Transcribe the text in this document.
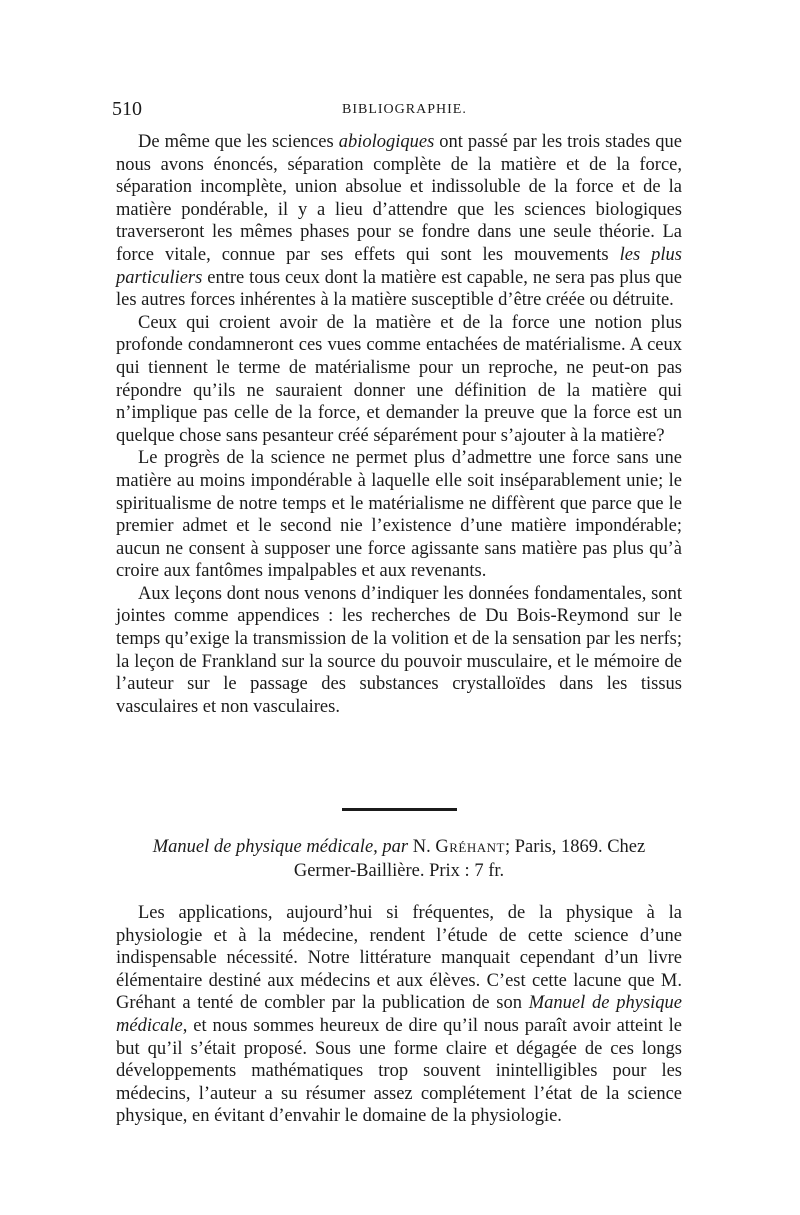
510	BIBLIOGRAPHIE.

De même que les sciences abiologiques ont passé par les trois stades que nous avons énoncés, séparation complète de la matière et de la force, séparation incomplète, union absolue et indissoluble de la force et de la matière pondérable, il y a lieu d’attendre que les sciences biologiques traverseront les mêmes phases pour se fondre dans une seule théorie. La force vitale, connue par ses effets qui sont les mouvements les plus particuliers entre tous ceux dont la matière est capable, ne sera pas plus que les autres forces inhérentes à la matière susceptible d’être créée ou détruite.

Ceux qui croient avoir de la matière et de la force une notion plus profonde condamneront ces vues comme entachées de matérialisme. A ceux qui tiennent le terme de matérialisme pour un reproche, ne peut-on pas répondre qu’ils ne sauraient donner une définition de la matière qui n’implique pas celle de la force, et demander la preuve que la force est un quelque chose sans pesanteur créé séparément pour s’ajouter à la matière?

Le progrès de la science ne permet plus d’admettre une force sans une matière au moins impondérable à laquelle elle soit inséparablement unie; le spiritualisme de notre temps et le matérialisme ne diffèrent que parce que le premier admet et le second nie l’existence d’une matière impondérable; aucun ne consent à supposer une force agissante sans matière pas plus qu’à croire aux fantômes impalpables et aux revenants.

Aux leçons dont nous venons d’indiquer les données fondamentales, sont jointes comme appendices : les recherches de Du Bois-Reymond sur le temps qu’exige la transmission de la volition et de la sensation par les nerfs; la leçon de Frankland sur la source du pouvoir musculaire, et le mémoire de l’auteur sur le passage des substances crystalloïdes dans les tissus vasculaires et non vasculaires.

Manuel de physique médicale, par N. Gréhant; Paris, 1869. Chez
Germer-Baillière. Prix : 7 fr.

Les applications, aujourd’hui si fréquentes, de la physique à la physiologie et à la médecine, rendent l’étude de cette science d’une indispensable nécessité. Notre littérature manquait cependant d’un livre élémentaire destiné aux médecins et aux élèves. C’est cette lacune que M. Gréhant a tenté de combler par la publication de son Manuel de physique médicale, et nous sommes heureux de dire qu’il nous paraît avoir atteint le but qu’il s’était proposé. Sous une forme claire et dégagée de ces longs développements mathématiques trop souvent inintelligibles pour les médecins, l’auteur a su résumer assez complétement l’état de la science physique, en évitant d’envahir le domaine de la physiologie.
